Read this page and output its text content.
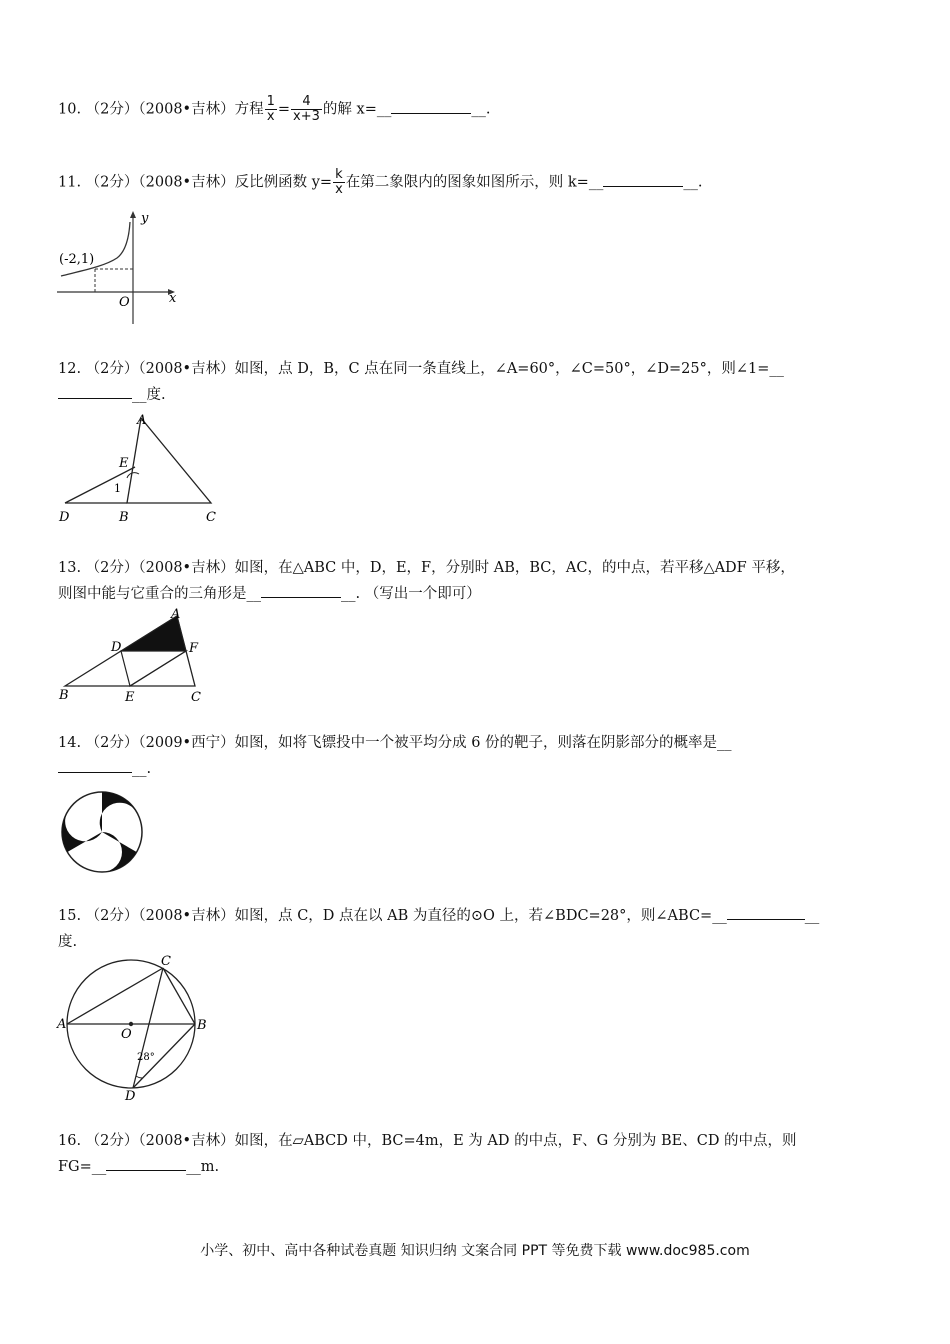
10. （2分）（2008•吉林）方程 $\frac{1}{x} = \frac{4}{x+3}$ 的解 x=__	__.
11. （2分）（2008•吉林）反比例函数 $y= \frac{k}{x}$ 在第二象限内的图象如图所示，则 k=__	__.
(-2,1)
y
x
O
12. （2分）（2008•吉林）如图，点 D，B，C 点在同一条直线上，∠A=60°，∠C=50°，∠D=25°，则∠1=__
__度.
A
E
1
D	B	C
13. （2分）（2008•吉林）如图，在△ABC 中，D，E，F，分别时 AB，BC，AC，的中点，若平移△ADF 平移，
则图中能与它重合的三角形是__	__. （写出一个即可）
A
D	F
B	E	C
14. （2分）（2009•西宁）如图，如将飞镖投中一个被平均分成 6 份的靶子，则落在阴影部分的概率是__
__.
15. （2分）（2008•吉林）如图，点 C，D 点在以 AB 为直径的⊙O 上，若∠BDC=28°，则∠ABC=__	__
度.
C
A	B
O
28°
D
16. （2分）（2008•吉林）如图，在▱ABCD 中，BC=4m，E 为 AD 的中点，F、G 分别为 BE、CD 的中点，则
FG=__	__m.
小学、初中、高中各种试卷真题 知识归纳 文案合同 PPT 等免费下载 www.doc985.com
